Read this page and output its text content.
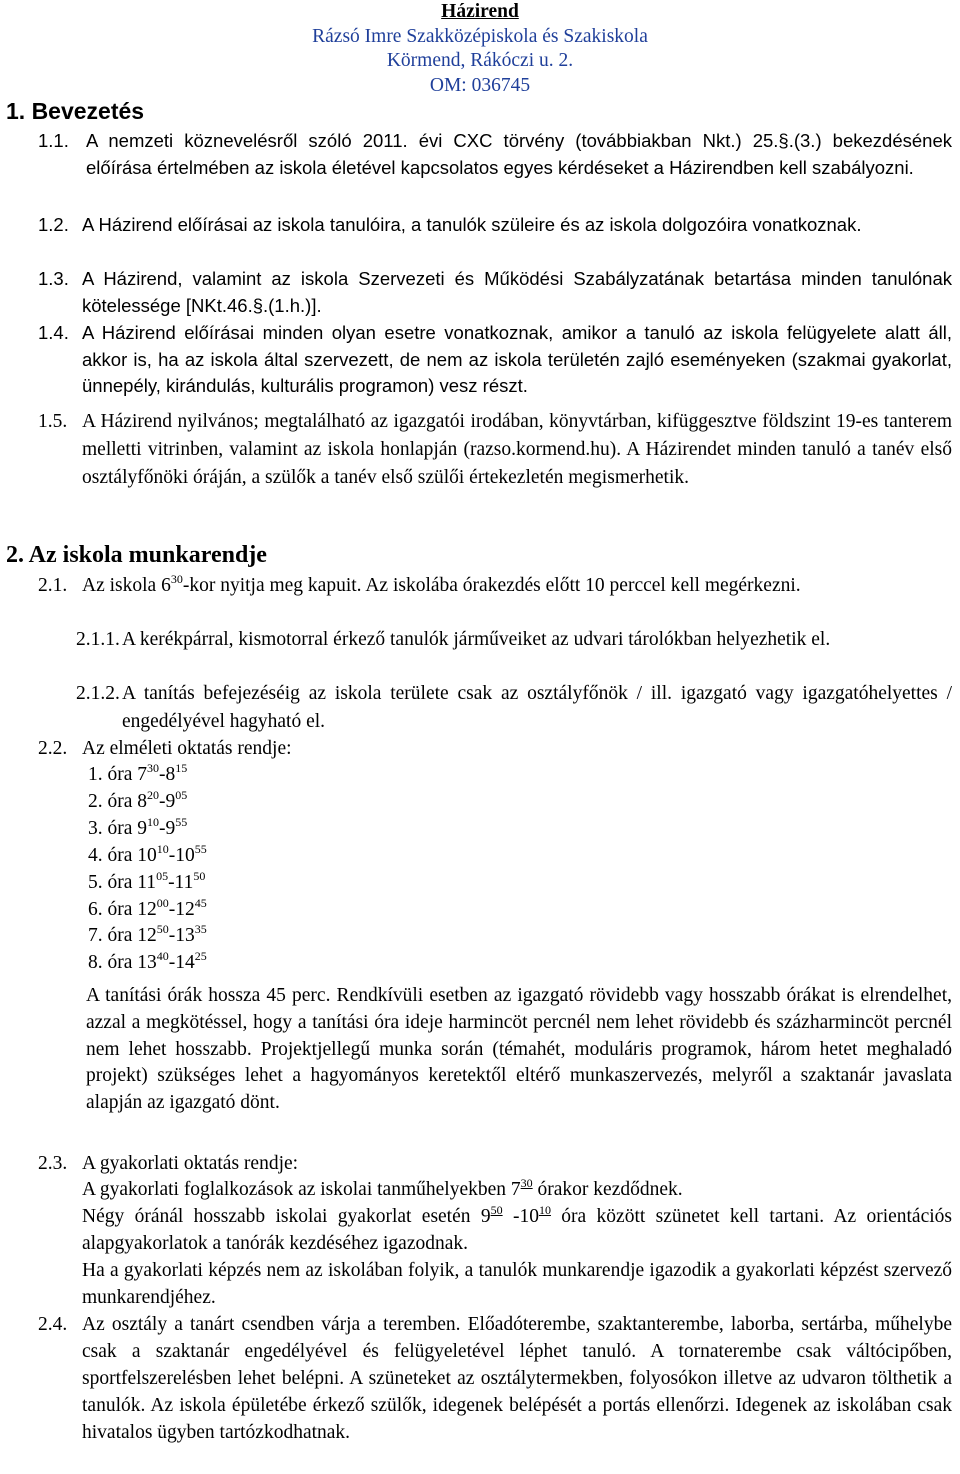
Házirend
Rázsó Imre Szakközépiskola és Szakiskola
Körmend, Rákóczi u. 2.
OM: 036745
1. Bevezetés
1.1. A nemzeti köznevelésről szóló 2011. évi CXC törvény (továbbiakban Nkt.) 25.§.(3.) bekezdésének előírása értelmében az iskola életével kapcsolatos egyes kérdéseket a Házirendben kell szabályozni.
1.2. A Házirend előírásai az iskola tanulóira, a tanulók szüleire és az iskola dolgozóira vonatkoznak.
1.3. A Házirend, valamint az iskola Szervezeti és Működési Szabályzatának betartása minden tanulónak kötelessége [NKt.46.§.(1.h.)].
1.4. A Házirend előírásai minden olyan esetre vonatkoznak, amikor a tanuló az iskola felügyelete alatt áll, akkor is, ha az iskola által szervezett, de nem az iskola területén zajló eseményeken (szakmai gyakorlat, ünnepély, kirándulás, kulturális programon) vesz részt.
1.5. A Házirend nyilvános; megtalálható az igazgatói irodában, könyvtárban, kifüggesztve földszint 19-es tanterem melletti vitrinben, valamint az iskola honlapján (razso.kormend.hu). A Házirendet minden tanuló a tanév első osztályfőnöki óráján, a szülők a tanév első szülői értekezletén megismerhetik.
2. Az iskola munkarendje
2.1. Az iskola $6^{30}$-kor nyitja meg kapuit. Az iskolába órakezdés előtt 10 perccel kell megérkezni.
2.1.1. A kerékpárral, kismotorral érkező tanulók járműveiket az udvari tárolókban helyezhetik el.
2.1.2. A tanítás befejezéséig az iskola területe csak az osztályfőnök / ill. igazgató vagy igazgatóhelyettes / engedélyével hagyható el.
2.2. Az elméleti oktatás rendje:
1. óra $7^{30}-8^{15}$
2. óra $8^{20}-9^{05}$
3. óra $9^{10}-9^{55}$
4. óra $10^{10}-10^{55}$
5. óra $11^{05}-11^{50}$
6. óra $12^{00}-12^{45}$
7. óra $12^{50}-13^{35}$
8. óra $13^{40}-14^{25}$
A tanítási órák hossza 45 perc. Rendkívüli esetben az igazgató rövidebb vagy hosszabb órákat is elrendelhet, azzal a megkötéssel, hogy a tanítási óra ideje harmincöt percnél nem lehet rövidebb és százharmincöt percnél nem lehet hosszabb. Projektjellegű munka során (témahét, moduláris programok, három hetet meghaladó projekt) szükséges lehet a hagyományos keretektől eltérő munkaszervezés, melyről a szaktanár javaslata alapján az igazgató dönt.
2.3. A gyakorlati oktatás rendje:
A gyakorlati foglalkozások az iskolai tanműhelyekben $7^{30}$ órakor kezdődnek.
Négy óránál hosszabb iskolai gyakorlat esetén $9^{50}$ $-10^{10}$ óra között szünetet kell tartani. Az orientációs alapgyakorlatok a tanórák kezdéséhez igazodnak.
Ha a gyakorlati képzés nem az iskolában folyik, a tanulók munkarendje igazodik a gyakorlati képzést szervező munkarendjéhez.
2.4. Az osztály a tanárt csendben várja a teremben. Előadóterembe, szaktanterembe, laborba, sertárba, műhelybe csak a szaktanár engedélyével és felügyeletével léphet tanuló. A tornaterembe csak váltócipőben, sportfelszerelésben lehet belépni. A szüneteket az osztálytermekben, folyosókon illetve az udvaron tölthetik a tanulók. Az iskola épületébe érkező szülők, idegenek belépését a portás ellenőrzi. Idegenek az iskolában csak hivatalos ügyben tartózkodhatnak.
